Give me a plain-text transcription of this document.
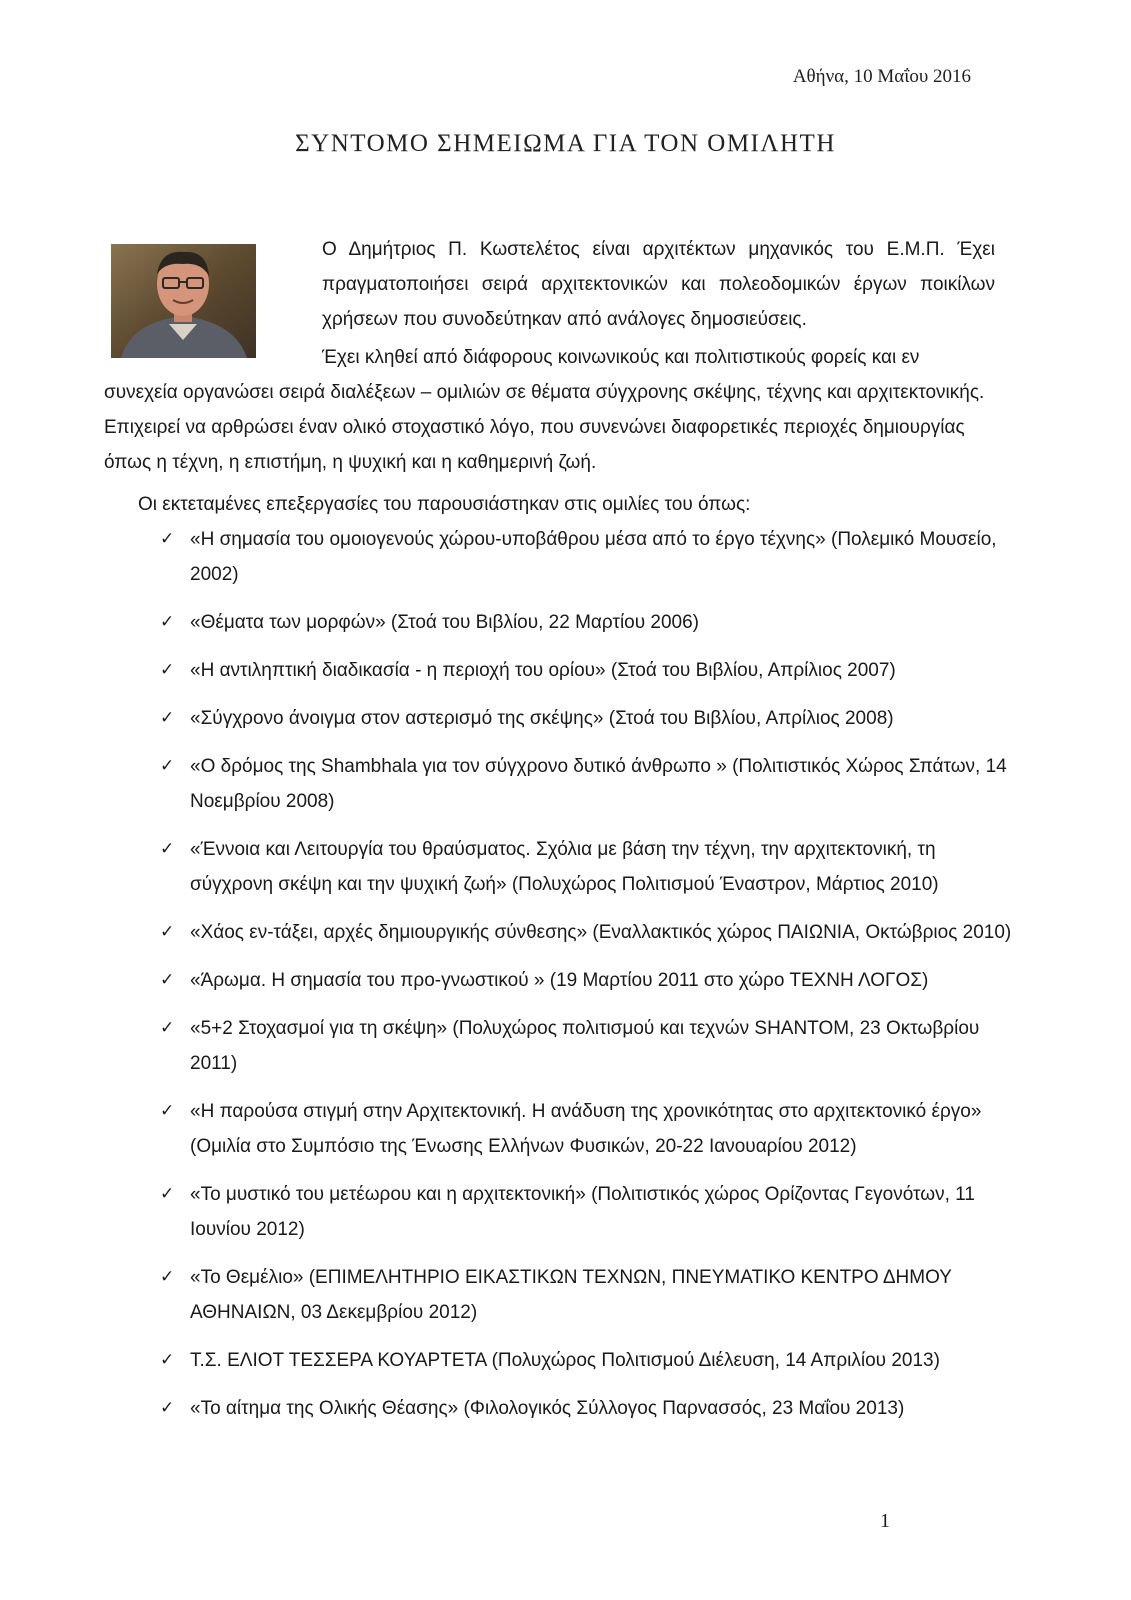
Αθήνα, 10 Μαΐου 2016
ΣΥΝΤΟΜΟ ΣΗΜΕΙΩΜΑ ΓΙΑ ΤΟΝ ΟΜΙΛΗΤΗ
Ο Δημήτριος Π. Κωστελέτος είναι αρχιτέκτων μηχανικός του Ε.Μ.Π. Έχει πραγματοποιήσει σειρά αρχιτεκτονικών και πολεοδομικών έργων ποικίλων χρήσεων που συνοδεύτηκαν από ανάλογες δημοσιεύσεις.
Έχει κληθεί από διάφορους κοινωνικούς και πολιτιστικούς φορείς και εν
συνεχεία οργανώσει σειρά διαλέξεων – ομιλιών σε θέματα σύγχρονης σκέψης, τέχνης και αρχιτεκτονικής. Επιχειρεί να αρθρώσει έναν ολικό στοχαστικό λόγο, που συνενώνει διαφορετικές περιοχές δημιουργίας όπως η τέχνη, η επιστήμη, η ψυχική και η καθημερινή ζωή.
Οι εκτεταμένες επεξεργασίες του παρουσιάστηκαν στις ομιλίες του όπως:
✓ «Η σημασία του ομοιογενούς χώρου-υποβάθρου μέσα από το έργο τέχνης» (Πολεμικό Μουσείο, 2002)
✓ «Θέματα των μορφών» (Στοά του Βιβλίου, 22 Μαρτίου 2006)
✓ «Η αντιληπτική διαδικασία - η περιοχή του ορίου» (Στοά του Βιβλίου, Απρίλιος 2007)
✓ «Σύγχρονο άνοιγμα στον αστερισμό της σκέψης» (Στοά του Βιβλίου, Απρίλιος 2008)
✓ «Ο δρόμος της Shambhala για τον σύγχρονο δυτικό άνθρωπο » (Πολιτιστικός Χώρος Σπάτων, 14 Νοεμβρίου 2008)
✓ «Έννοια και Λειτουργία του θραύσματος. Σχόλια με βάση την τέχνη, την αρχιτεκτονική, τη σύγχρονη σκέψη και την ψυχική ζωή» (Πολυχώρος Πολιτισμού Έναστρον, Μάρτιος 2010)
✓ «Χάος εν-τάξει, αρχές δημιουργικής σύνθεσης» (Εναλλακτικός χώρος ΠΑΙΩΝΙΑ, Οκτώβριος 2010)
✓ «Άρωμα. Η σημασία του προ-γνωστικού » (19 Μαρτίου 2011 στο χώρο ΤΕΧΝΗ ΛΟΓΟΣ)
✓ «5+2 Στοχασμοί για τη σκέψη» (Πολυχώρος πολιτισμού και τεχνών SHANTOM, 23 Οκτωβρίου 2011)
✓ «Η παρούσα στιγμή στην Αρχιτεκτονική. Η ανάδυση της χρονικότητας στο αρχιτεκτονικό έργο» (Ομιλία στο Συμπόσιο της Ένωσης Ελλήνων Φυσικών, 20-22 Ιανουαρίου 2012)
✓ «Το μυστικό του μετέωρου και η αρχιτεκτονική» (Πολιτιστικός χώρος Ορίζοντας Γεγονότων, 11 Ιουνίου 2012)
✓ «Το Θεμέλιο» (ΕΠΙΜΕΛΗΤΗΡΙΟ ΕΙΚΑΣΤΙΚΩΝ ΤΕΧΝΩΝ, ΠΝΕΥΜΑΤΙΚΟ ΚΕΝΤΡΟ ΔΗΜΟΥ ΑΘΗΝΑΙΩΝ, 03 Δεκεμβρίου 2012)
✓ Τ.Σ. ΕΛΙΟΤ ΤΕΣΣΕΡΑ ΚΟΥΑΡΤΕΤΑ (Πολυχώρος Πολιτισμού Διέλευση, 14 Απριλίου 2013)
✓ «Το αίτημα της Ολικής Θέασης» (Φιλολογικός Σύλλογος Παρνασσός, 23 Μαΐου 2013)
1
